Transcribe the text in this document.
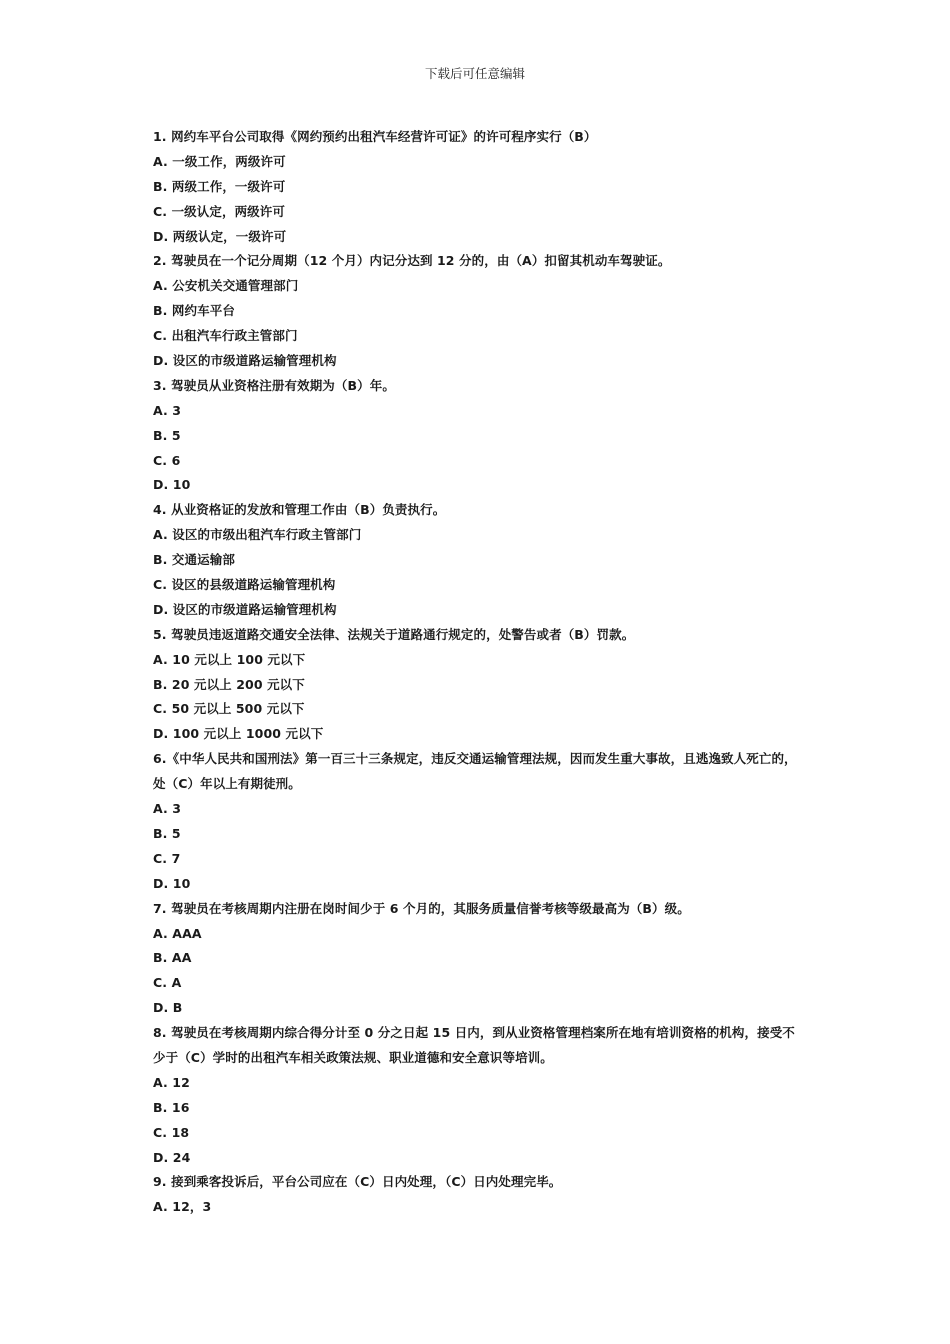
下载后可任意编辑
1. 网约车平台公司取得《网约预约出租汽车经营许可证》的许可程序实行（B）
A. 一级工作，两级许可
B. 两级工作，一级许可
C. 一级认定，两级许可
D. 两级认定，一级许可
2. 驾驶员在一个记分周期（12 个月）内记分达到 12 分的，由（A）扣留其机动车驾驶证。
A. 公安机关交通管理部门
B. 网约车平台
C. 出租汽车行政主管部门
D. 设区的市级道路运输管理机构
3. 驾驶员从业资格注册有效期为（B）年。
A. 3
B. 5
C. 6
D. 10
4. 从业资格证的发放和管理工作由（B）负责执行。
A. 设区的市级出租汽车行政主管部门
B. 交通运输部
C. 设区的县级道路运输管理机构
D. 设区的市级道路运输管理机构
5. 驾驶员违返道路交通安全法律、法规关于道路通行规定的，处警告或者（B）罚款。
A. 10 元以上 100 元以下
B. 20 元以上 200 元以下
C. 50 元以上 500 元以下
D. 100 元以上 1000 元以下
6.《中华人民共和国刑法》第一百三十三条规定，违反交通运输管理法规，因而发生重大事故，且逃逸致人死亡的，
处（C）年以上有期徒刑。
A. 3
B. 5
C. 7
D. 10
7. 驾驶员在考核周期内注册在岗时间少于 6 个月的，其服务质量信誉考核等级最高为（B）级。
A. AAA
B. AA
C. A
D. B
8. 驾驶员在考核周期内综合得分计至 0 分之日起 15 日内，到从业资格管理档案所在地有培训资格的机构，接受不
少于（C）学时的出租汽车相关政策法规、职业道德和安全意识等培训。
A. 12
B. 16
C. 18
D. 24
9. 接到乘客投诉后，平台公司应在（C）日内处理，（C）日内处理完毕。
A. 12，3
